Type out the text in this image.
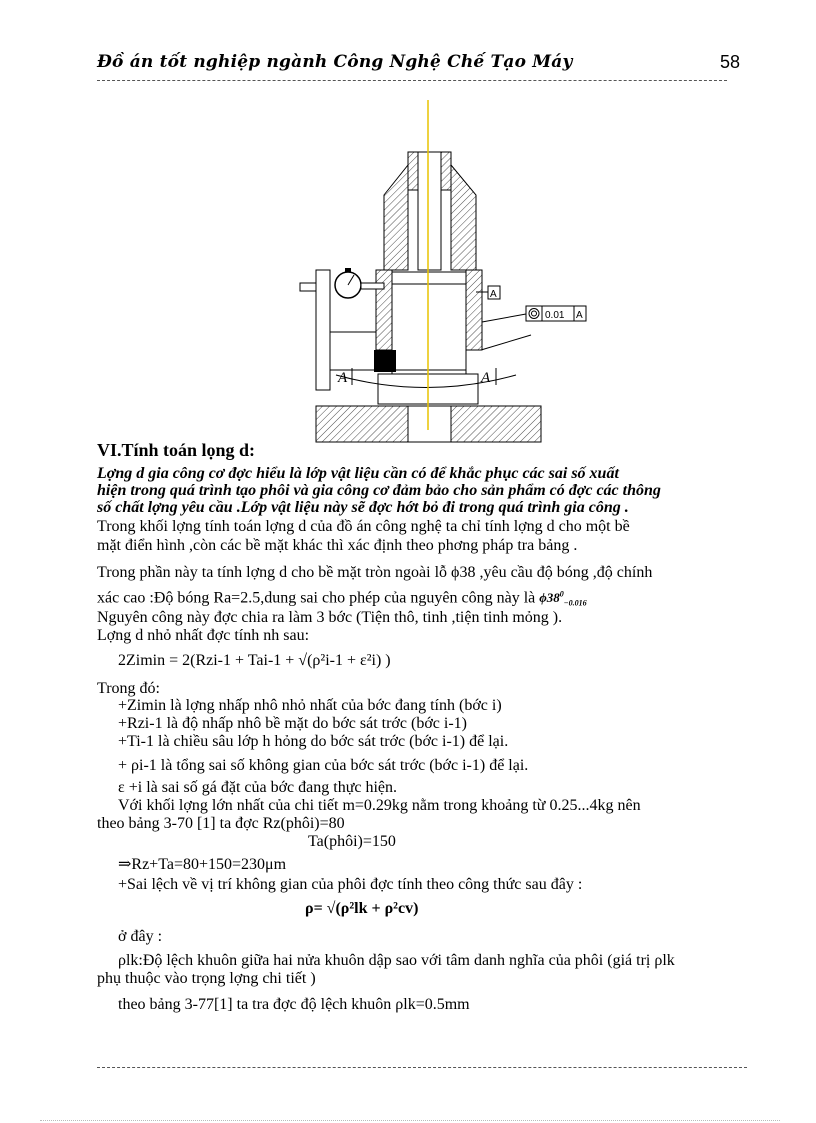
Đồ án tốt nghiệp ngành Công Nghệ Chế Tạo Máy	58
A	A
A
0.01 A
VI.Tính toán lọng d:
Lợng d gia công cơ đợc hiểu là lớp vật liệu cần có để khắc phục các sai số xuất
hiện trong quá trình tạo phôi và gia công cơ đảm bảo cho sản phẩm có đợc các thông
số chất lợng yêu cầu .Lớp vật liệu này sẽ đợc hớt bỏ đi trong quá trình gia công .
Trong khối lợng tính toán lợng d của đồ án công nghệ ta chỉ tính lợng d cho một bề
mặt điển hình ,còn các bề mặt khác thì xác định theo phơng pháp tra bảng .
Trong phần này ta tính lợng d cho bề mặt tròn ngoài lỗ ϕ38 ,yêu cầu độ bóng ,độ chính
xác cao :Độ bóng Ra=2.5,dung sai cho phép của nguyên công này là $\phi 38^0_{-0.016}$
Nguyên công này đợc chia ra làm 3 bớc (Tiện thô, tinh ,tiện tinh mỏng ).
Lợng d nhỏ nhất đợc tính nh sau:
2Zimin = 2(Rzi-1 + Tai-1 + √(ρ²i-1 + ε²i) )
Trong đó:
+Zimin là lợng nhấp nhô nhỏ nhất của bớc đang tính (bớc i)
+Rzi-1 là độ nhấp nhô bề mặt do bớc sát trớc (bớc i-1)
+Ti-1 là chiều sâu lớp h hỏng do bớc sát trớc (bớc i-1) để lại.
+ ρi-1 là tổng sai số không gian của bớc sát trớc (bớc i-1) để lại.
ε +i là sai số gá đặt của bớc đang thực hiện.
Với khối lợng lớn nhất của chi tiết m=0.29kg nằm trong khoảng từ 0.25...4kg nên
theo bảng 3-70 [1] ta đợc Rz(phôi)=80
Ta(phôi)=150
⇒Rz+Ta=80+150=230μm
+Sai lệch về vị trí không gian của phôi đợc tính theo công thức sau đây :
ρ= √(ρ²lk + ρ²cv)
ở đây :
ρlk:Độ lệch khuôn giữa hai nửa khuôn dập sao với tâm danh nghĩa của phôi (giá trị ρlk
phụ thuộc vào trọng lợng chi tiết )
theo bảng 3-77[1] ta tra đợc độ lệch khuôn ρlk=0.5mm
